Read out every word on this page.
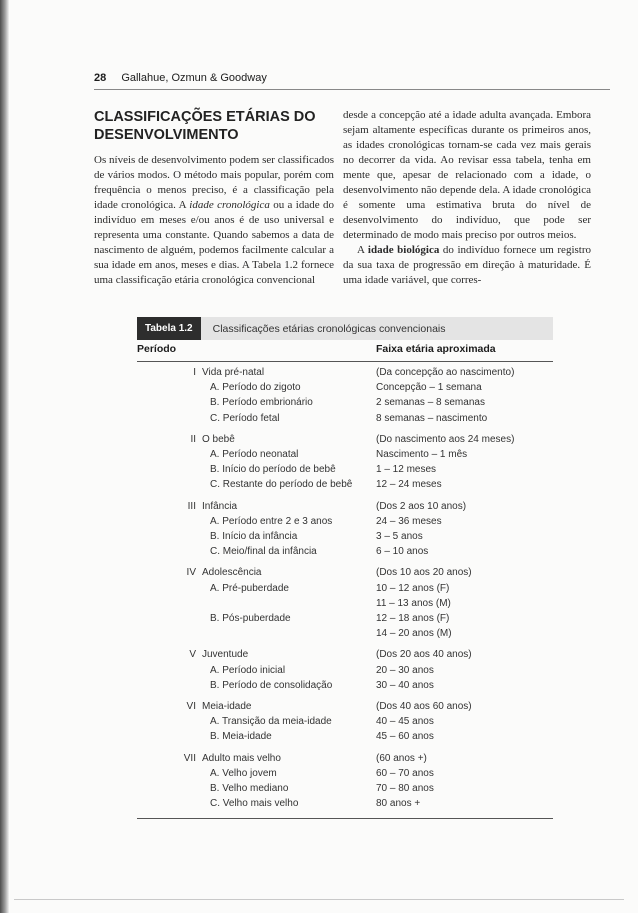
28 Gallahue, Ozmun & Goodway
CLASSIFICAÇÕES ETÁRIAS DO DESENVOLVIMENTO

Os níveis de desenvolvimento podem ser classificados de vários modos. O método mais popular, porém com frequência o menos preciso, é a classificação pela idade cronológica. A idade cronológica ou a idade do indivíduo em meses e/ou anos é de uso universal e representa uma constante. Quando sabemos a data de nascimento de alguém, podemos facilmente calcular a sua idade em anos, meses e dias. A Tabela 1.2 fornece uma classificação etária cronológica convencional

desde a concepção até a idade adulta avançada. Embora sejam altamente específicas durante os primeiros anos, as idades cronológicas tornam-se cada vez mais gerais no decorrer da vida. Ao revisar essa tabela, tenha em mente que, apesar de relacionado com a idade, o desenvolvimento não depende dela. A idade cronológica é somente uma estimativa bruta do nível de desenvolvimento do indivíduo, que pode ser determinado de modo mais preciso por outros meios.

A idade biológica do indivíduo fornece um registro da sua taxa de progressão em direção à maturidade. É uma idade variável, que corres-

Tabela 1.2	Classificações etárias cronológicas convencionais
Período	Faixa etária aproximada
I Vida pré-natal	(Da concepção ao nascimento)
A. Período do zigoto	Concepção – 1 semana
B. Período embrionário	2 semanas – 8 semanas
C. Período fetal	8 semanas – nascimento
II O bebê	(Do nascimento aos 24 meses)
A. Período neonatal	Nascimento – 1 mês
B. Início do período de bebê	1 – 12 meses
C. Restante do período de bebê 12 – 24 meses
III Infância	(Dos 2 aos 10 anos)
A. Período entre 2 e 3 anos	24 – 36 meses
B. Início da infância	3 – 5 anos
C. Meio/final da infância	6 – 10 anos
IV Adolescência	(Dos 10 aos 20 anos)
A. Pré-puberdade	10 – 12 anos (F)
11 – 13 anos (M)
B. Pós-puberdade	12 – 18 anos (F)
14 – 20 anos (M)
V Juventude	(Dos 20 aos 40 anos)
A. Período inicial	20 – 30 anos
B. Período de consolidação	30 – 40 anos
VI Meia-idade	(Dos 40 aos 60 anos)
A. Transição da meia-idade	40 – 45 anos
B. Meia-idade	45 – 60 anos
VII Adulto mais velho	(60 anos +)
A. Velho jovem	60 – 70 anos
B. Velho mediano	70 – 80 anos
C. Velho mais velho	80 anos +
